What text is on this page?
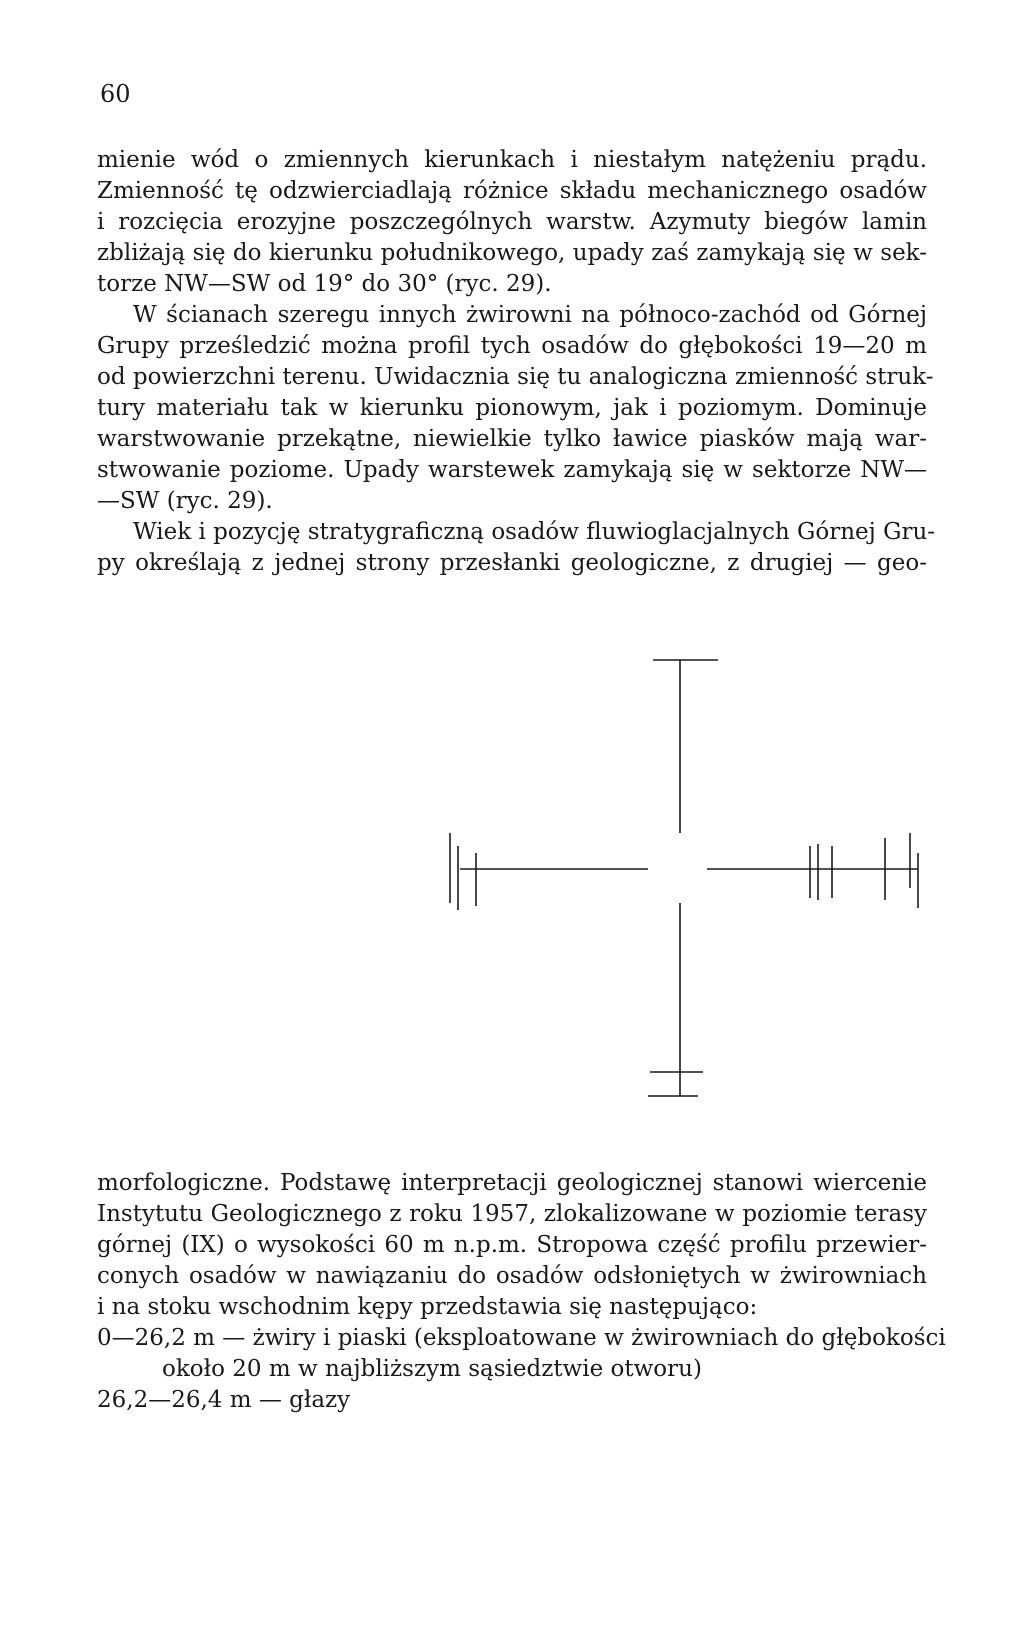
60
mienie wód o zmiennych kierunkach i niestałym natężeniu prądu.
Zmienność tę odzwierciadlają różnice składu mechanicznego osadów
i rozcięcia erozyjne poszczególnych warstw. Azymuty biegów lamin
zbliżają się do kierunku południkowego, upady zaś zamykają się w sek-
torze NW—SW od 19° do 30° (ryc. 29).
W ścianach szeregu innych żwirowni na północo-zachód od Górnej
Grupy prześledzić można profil tych osadów do głębokości 19—20 m
od powierzchni terenu. Uwidacznia się tu analogiczna zmienność struk-
tury materiału tak w kierunku pionowym, jak i poziomym. Dominuje
warstwowanie przekątne, niewielkie tylko ławice piasków mają war-
stwowanie poziome. Upady warstewek zamykają się w sektorze NW—
—SW (ryc. 29).
Wiek i pozycję stratygraficzną osadów fluwioglacjalnych Górnej Gru-
py określają z jednej strony przesłanki geologiczne, z drugiej — geo-
morfologiczne. Podstawę interpretacji geologicznej stanowi wiercenie
Instytutu Geologicznego z roku 1957, zlokalizowane w poziomie terasy
górnej (IX) o wysokości 60 m n.p.m. Stropowa część profilu przewier-
conych osadów w nawiązaniu do osadów odsłoniętych w żwirowniach
i na stoku wschodnim kępy przedstawia się następująco:
0—26,2 m — żwiry i piaski (eksploatowane w żwirowniach do głębokości
około 20 m w najbliższym sąsiedztwie otworu)
26,2—26,4 m — głazy
